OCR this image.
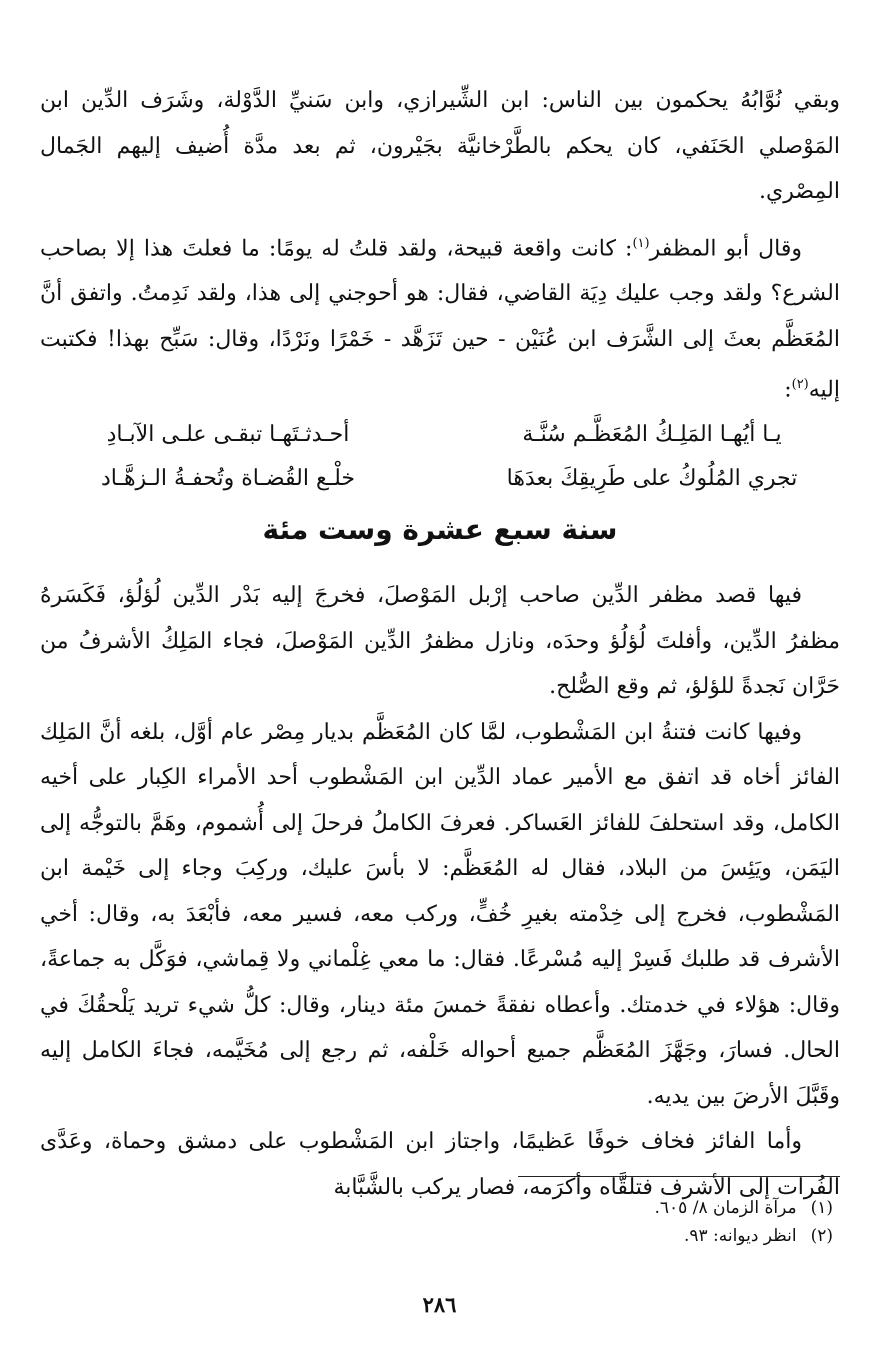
وبقي نُوَّابُهُ يحكمون بين الناس: ابن الشِّيرازي، وابن سَنيِّ الدَّوْلة، وشَرَف الدِّين ابن المَوْصلي الحَنَفي، كان يحكم بالطَّرْخانيَّة بجَيْرون، ثم بعد مدَّة أُضيف إليهم الجَمال المِصْري.

وقال أبو المظفر$^{(١)}$: كانت واقعة قبيحة، ولقد قلتُ له يومًا: ما فعلتَ هذا إلا بصاحب الشرع؟ ولقد وجب عليك دِيَة القاضي، فقال: هو أحوجني إلى هذا، ولقد نَدِمتُ. واتفق أنَّ المُعَظَّم بعثَ إلى الشَّرَف ابن عُنَيْن - حين تَزَهَّد - خَمْرًا ونَرْدًا، وقال: سَبِّح بهذا! فكتبت إليه$^{(٢)}$:

يـا أيُهـا المَلِـكُ المُعَظَّـم سُنَّـة
أحـدثـتَهـا تبقـى علـى الآبـادِ
تجري المُلُوكُ على طَرِيقِكَ بعدَهَا
خلْـع القُضـاة وتُحفـةُ الـزهَّـاد
سنة سبع عشرة وست مئة

فيها قصد مظفر الدِّين صاحب إرْبل المَوْصلَ، فخرجَ إليه بَدْر الدِّين لُؤلُؤ، فَكَسَرهُ مظفرُ الدِّين، وأفلتَ لُؤلُؤ وحدَه، ونازل مظفرُ الدِّين المَوْصلَ، فجاء المَلِكُ الأشرفُ من حَرَّان نَجدةً للؤلؤ، ثم وقع الصُّلح.

وفيها كانت فتنةُ ابن المَشْطوب، لمَّا كان المُعَظَّم بديار مِصْر عام أوَّل، بلغه أنَّ المَلِك الفائز أخاه قد اتفق مع الأمير عماد الدِّين ابن المَشْطوب أحد الأمراء الكِبار على أخيه الكامل، وقد استحلفَ للفائز العَساكر. فعرفَ الكاملُ فرحلَ إلى أُشموم، وهَمَّ بالتوجُّه إلى اليَمَن، ويَئِسَ من البلاد، فقال له المُعَظَّم: لا بأسَ عليك، وركِبَ وجاء إلى خَيْمة ابن المَشْطوب، فخرج إلى خِدْمته بغيرِ خُفٍّ، وركب معه، فسير معه، فأبْعَدَ به، وقال: أخي الأشرف قد طلبك فَسِرْ إليه مُسْرعًا. فقال: ما معي غِلْماني ولا قِماشي، فوَكَّل به جماعةً، وقال: هؤلاء في خدمتك. وأعطاه نفقةً خمسَ مئة دينار، وقال: كلُّ شيء تريد يَلْحقُكَ في الحال. فسارَ، وجَهَّزَ المُعَظَّم جميع أحواله خَلْفه، ثم رجع إلى مُخَيَّمه، فجاءَ الكامل إليه وقَبَّلَ الأرضَ بين يديه.

وأما الفائز فخاف خوفًا عَظيمًا، واجتاز ابن المَشْطوب على دمشق وحماة، وعَدَّى الفُرات إلى الأشرف فتلقَّاه وأكرَمه، فصار يركب بالشَّبَّابة

(١)مرآة الزمان ٨/ ٦٠٥.
(٢)انظر ديوانه: ٩٣.
٢٨٦
